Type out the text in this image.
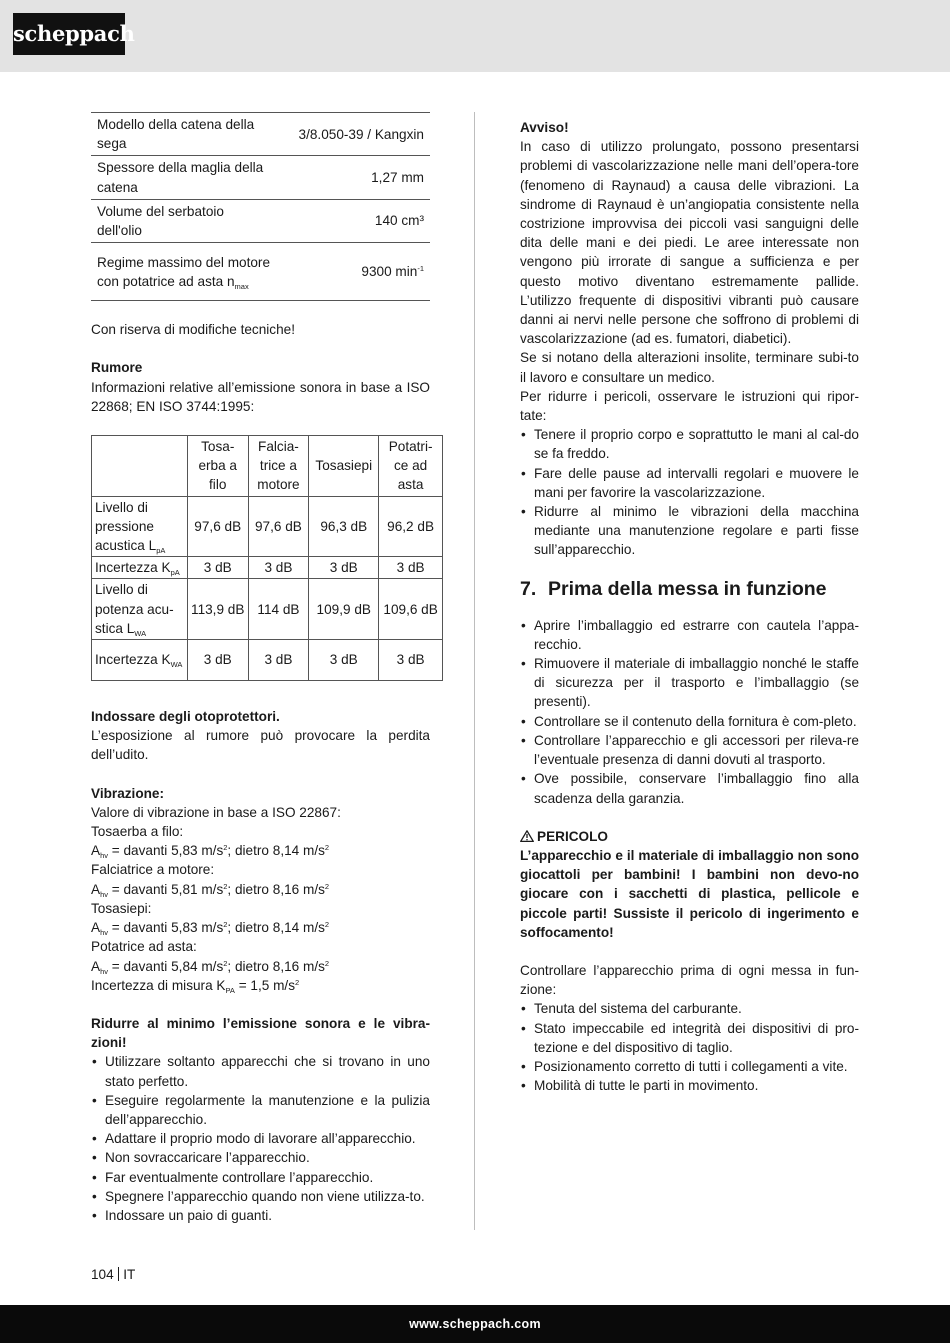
scheppach
Modello della catena della sega	3/8.050-39 / Kangxin
Spessore della maglia della catena	1,27 mm
Volume del serbatoio dell'olio	140 cm³
Regime massimo del motore con potatrice ad asta $n_{max}$	9300 $\min^{-1}$

Con riserva di modifiche tecniche!

Rumore

Informazioni relative all’emissione sonora in base a ISO 22868; EN ISO 3744:1995:

	Tosa-erba a filo	Falcia-trice a motore	Tosasiepi	Potatri-ce ad asta
Livello di pressione acustica $L_{pA}$	97,6 dB	97,6 dB	96,3 dB	96,2 dB
Incertezza $K_{pA}$	3 dB	3 dB	3 dB	3 dB
Livello di potenza acu-stica $L_{WA}$	113,9 dB	114 dB	109,9 dB	109,6 dB
Incertezza $K_{WA}$	3 dB	3 dB	3 dB	3 dB

Indossare degli otoprotettori.

L’esposizione al rumore può provocare la perdita dell’udito.

Vibrazione:

Valore di vibrazione in base a ISO 22867:

Tosaerba a filo:

$A_{hv}$ = davanti 5,83 $m/s^2$; dietro 8,14 $m/s^2$

Falciatrice a motore:

$A_{hv}$ = davanti 5,81 $m/s^2$; dietro 8,16 $m/s^2$

Tosasiepi:

$A_{hv}$ = davanti 5,83 $m/s^2$; dietro 8,14 $m/s^2$

Potatrice ad asta:

$A_{hv}$ = davanti 5,84 $m/s^2$; dietro 8,16 $m/s^2$

Incertezza di misura $K_{PA} = 1,5$ $m/s^2$

Ridurre al minimo l’emissione sonora e le vibra-zioni!

• Utilizzare soltanto apparecchi che si trovano in uno stato perfetto.
• Eseguire regolarmente la manutenzione e la pulizia dell’apparecchio.
• Adattare il proprio modo di lavorare all’apparecchio.
• Non sovraccaricare l’apparecchio.
• Far eventualmente controllare l’apparecchio.
• Spegnere l’apparecchio quando non viene utilizza-to.
• Indossare un paio di guanti.

Avviso!

In caso di utilizzo prolungato, possono presentarsi problemi di vascolarizzazione nelle mani dell’opera-tore (fenomeno di Raynaud) a causa delle vibrazioni. La sindrome di Raynaud è un’angiopatia consistente nella costrizione improvvisa dei piccoli vasi sanguigni delle dita delle mani e dei piedi. Le aree interessate non vengono più irrorate di sangue a sufficienza e per questo motivo diventano estremamente pallide. L’utilizzo frequente di dispositivi vibranti può causare danni ai nervi nelle persone che soffrono di problemi di vascolarizzazione (ad es. fumatori, diabetici).

Se si notano della alterazioni insolite, terminare subi-to il lavoro e consultare un medico.

Per ridurre i pericoli, osservare le istruzioni qui ripor-tate:

• Tenere il proprio corpo e soprattutto le mani al cal-do se fa freddo.
• Fare delle pause ad intervalli regolari e muovere le mani per favorire la vascolarizzazione.
• Ridurre al minimo le vibrazioni della macchina mediante una manutenzione regolare e parti fisse sull’apparecchio.
7. Prima della messa in funzione
• Aprire l’imballaggio ed estrarre con cautela l’appa-recchio.
• Rimuovere il materiale di imballaggio nonché le staffe di sicurezza per il trasporto e l’imballaggio (se presenti).
• Controllare se il contenuto della fornitura è com-pleto.
• Controllare l’apparecchio e gli accessori per rileva-re l’eventuale presenza di danni dovuti al trasporto.
• Ove possibile, conservare l’imballaggio fino alla scadenza della garanzia.

PERICOLO

L’apparecchio e il materiale di imballaggio non sono giocattoli per bambini! I bambini non devo-no giocare con i sacchetti di plastica, pellicole e piccole parti! Sussiste il pericolo di ingerimento e soffocamento!

Controllare l’apparecchio prima di ogni messa in fun-zione:

• Tenuta del sistema del carburante.
• Stato impeccabile ed integrità dei dispositivi di pro-tezione e del dispositivo di taglio.
• Posizionamento corretto di tutti i collegamenti a vite.
• Mobilità di tutte le parti in movimento.
104 IT
www.scheppach.com
